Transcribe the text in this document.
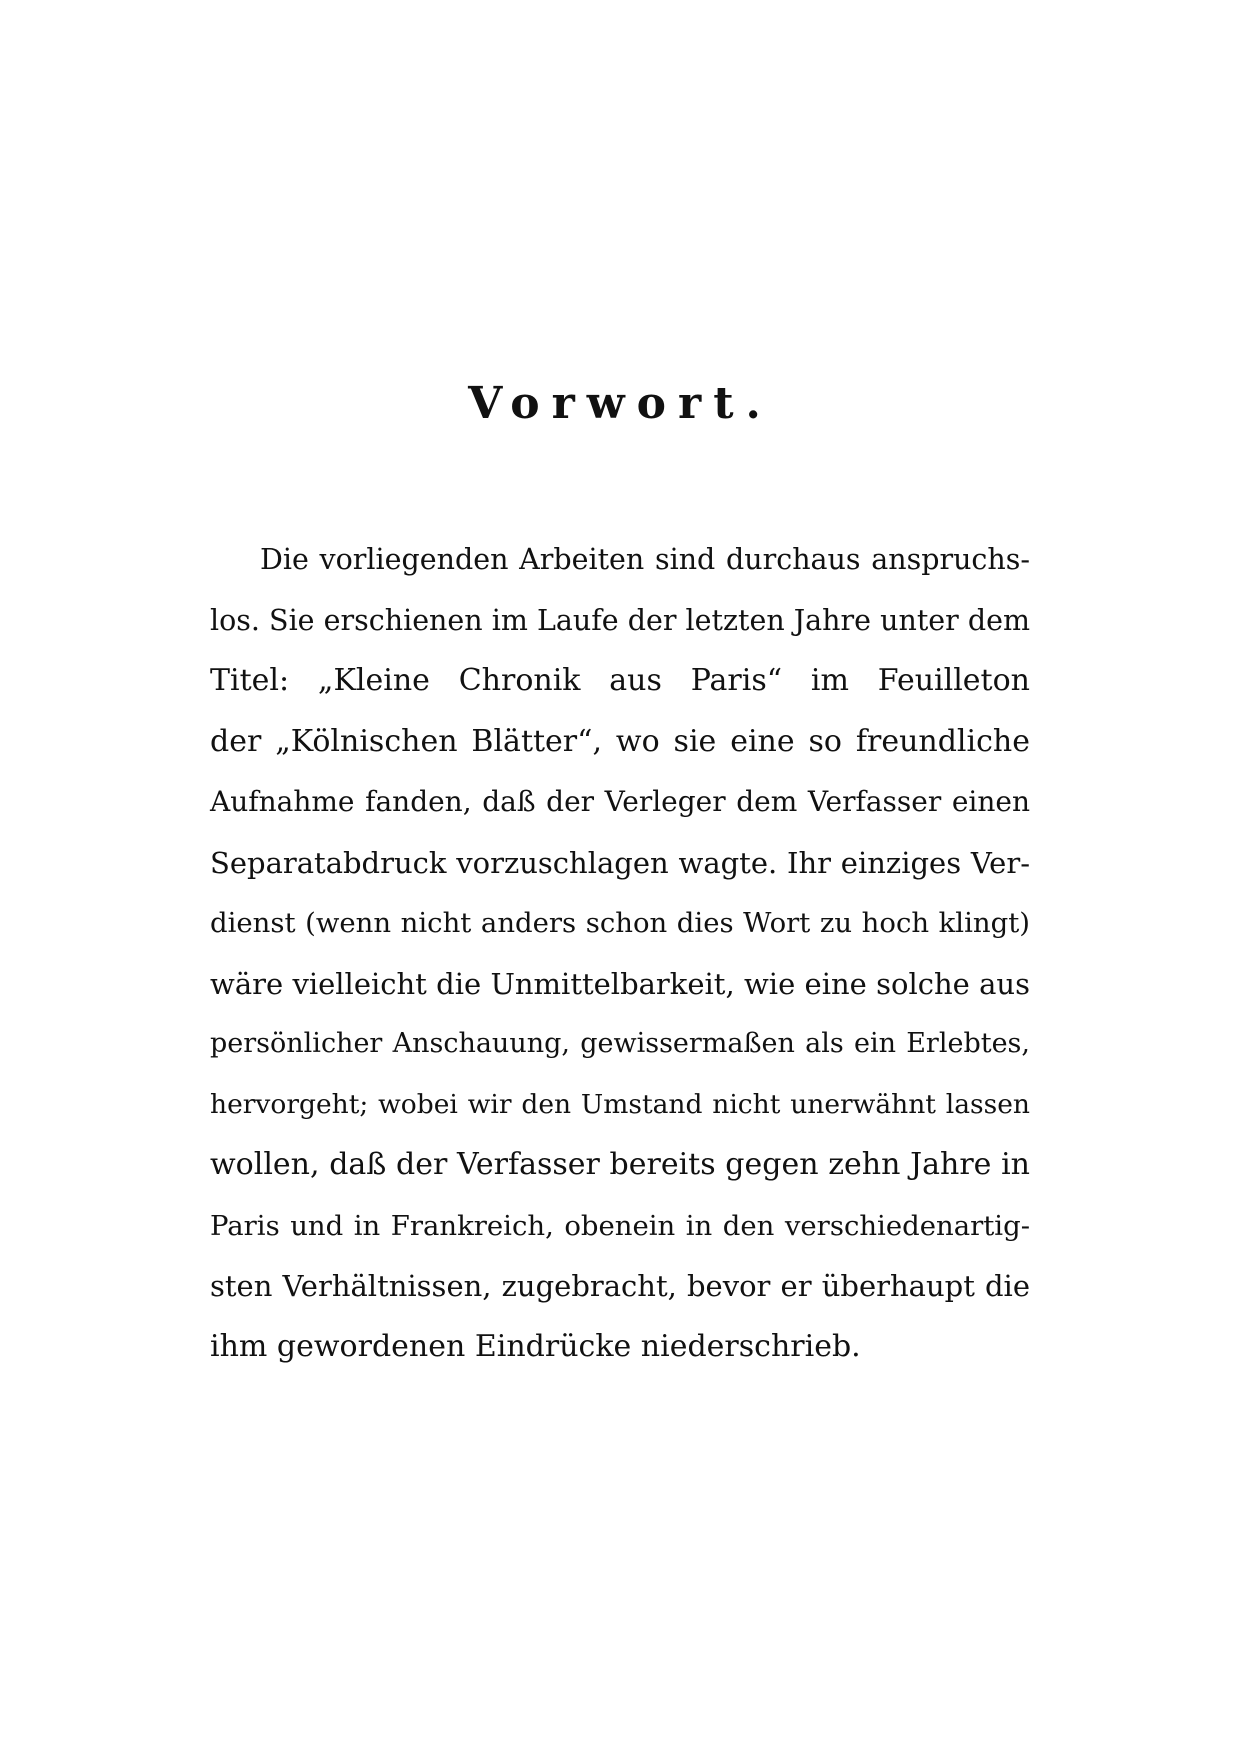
Vorwort.
Die vorliegenden Arbeiten sind durchaus anspruchs-
los. Sie erschienen im Laufe der letzten Jahre unter dem
Titel: „Kleine Chronik aus Paris“ im Feuilleton
der „Kölnischen Blätter“, wo sie eine so freundliche
Aufnahme fanden, daß der Verleger dem Verfasser einen
Separatabdruck vorzuschlagen wagte. Ihr einziges Ver-
dienst (wenn nicht anders schon dies Wort zu hoch klingt)
wäre vielleicht die Unmittelbarkeit, wie eine solche aus
persönlicher Anschauung, gewissermaßen als ein Erlebtes,
hervorgeht; wobei wir den Umstand nicht unerwähnt lassen
wollen, daß der Verfasser bereits gegen zehn Jahre in
Paris und in Frankreich, obenein in den verschiedenartig-
sten Verhältnissen, zugebracht, bevor er überhaupt die
ihm gewordenen Eindrücke niederschrieb.
